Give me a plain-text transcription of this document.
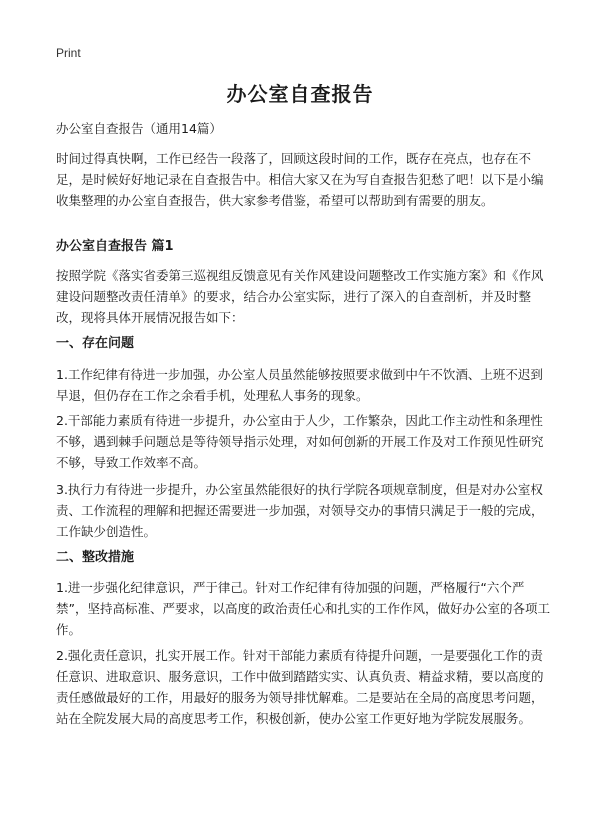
Print
办公室自查报告
办公室自查报告（通用14篇）
时间过得真快啊，工作已经告一段落了，回顾这段时间的工作，既存在亮点，也存在不足，是时候好好地记录在自查报告中。相信大家又在为写自查报告犯愁了吧！以下是小编收集整理的办公室自查报告，供大家参考借鉴，希望可以帮助到有需要的朋友。
办公室自查报告 篇1
按照学院《落实省委第三巡视组反馈意见有关作风建设问题整改工作实施方案》和《作风建设问题整改责任清单》的要求，结合办公室实际，进行了深入的自查剖析，并及时整改，现将具体开展情况报告如下：
一、存在问题
1.工作纪律有待进一步加强，办公室人员虽然能够按照要求做到中午不饮酒、上班不迟到早退，但仍存在工作之余看手机，处理私人事务的现象。
2.干部能力素质有待进一步提升，办公室由于人少，工作繁杂，因此工作主动性和条理性不够，遇到棘手问题总是等待领导指示处理，对如何创新的开展工作及对工作预见性研究不够，导致工作效率不高。
3.执行力有待进一步提升，办公室虽然能很好的执行学院各项规章制度，但是对办公室权责、工作流程的理解和把握还需要进一步加强，对领导交办的事情只满足于一般的完成，工作缺少创造性。
二、整改措施
1.进一步强化纪律意识，严于律己。针对工作纪律有待加强的问题，严格履行“六个严禁”，坚持高标准、严要求，以高度的政治责任心和扎实的工作作风，做好办公室的各项工作。
2.强化责任意识，扎实开展工作。针对干部能力素质有待提升问题，一是要强化工作的责任意识、进取意识、服务意识，工作中做到踏踏实实、认真负责、精益求精，要以高度的责任感做最好的工作，用最好的服务为领导排忧解难。二是要站在全局的高度思考问题，站在全院发展大局的高度思考工作，积极创新，使办公室工作更好地为学院发展服务。
